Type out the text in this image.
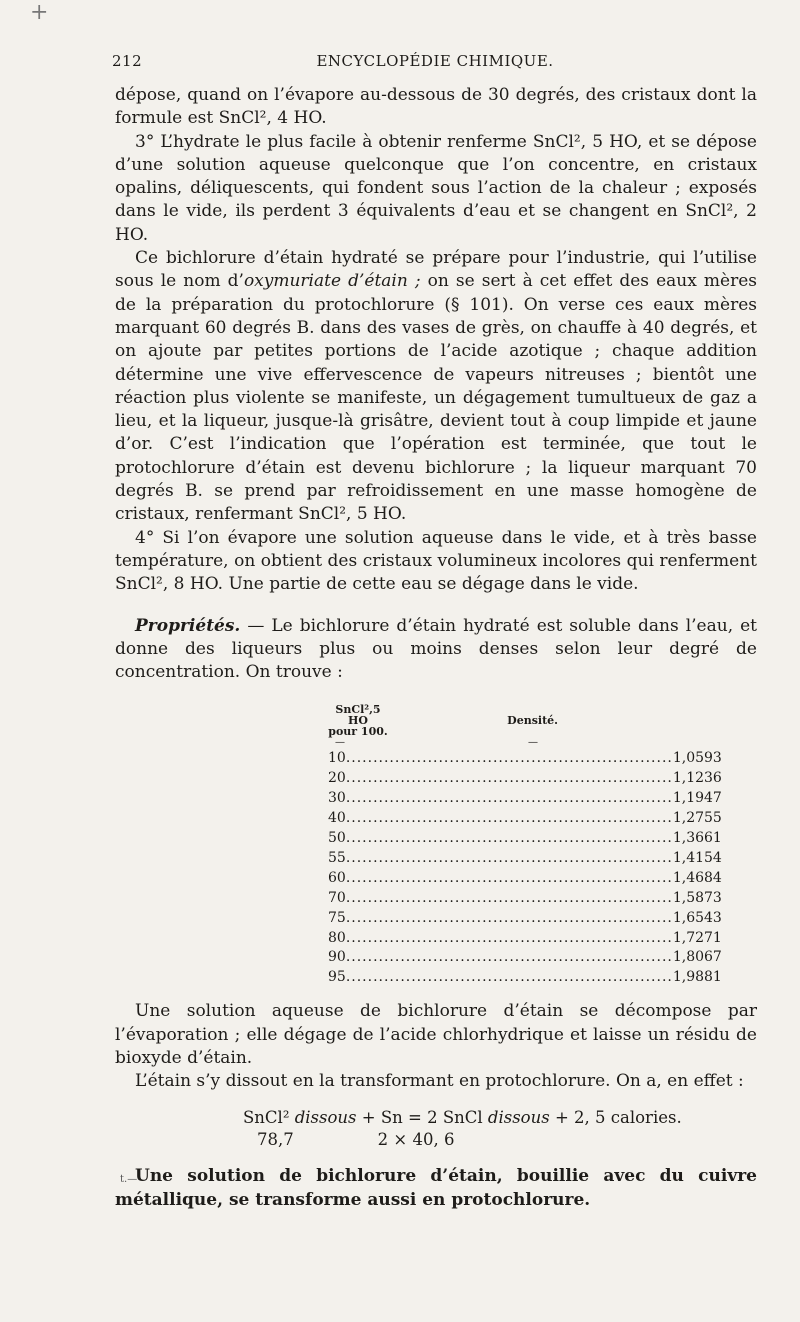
+
212	ENCYCLOPÉDIE CHIMIQUE.

dépose, quand on l’évapore au-dessous de 30 degrés, des cristaux dont la formule est SnCl², 4 HO.

3° L’hydrate le plus facile à obtenir renferme SnCl², 5 HO, et se dépose d’une solution aqueuse quelconque que l’on concentre, en cristaux opalins, déliquescents, qui fondent sous l’action de la chaleur ; exposés dans le vide, ils perdent 3 équivalents d’eau et se changent en SnCl², 2 HO.

Ce bichlorure d’étain hydraté se prépare pour l’industrie, qui l’utilise sous le nom d’oxymuriate d’étain ; on se sert à cet effet des eaux mères de la préparation du protochlorure (§ 101). On verse ces eaux mères marquant 60 degrés B. dans des vases de grès, on chauffe à 40 degrés, et on ajoute par petites portions de l’acide azotique ; chaque addition détermine une vive effervescence de vapeurs nitreuses ; bientôt une réaction plus violente se manifeste, un dégagement tumultueux de gaz a lieu, et la liqueur, jusque-là grisâtre, devient tout à coup limpide et jaune d’or. C’est l’indication que l’opération est terminée, que tout le protochlorure d’étain est devenu bichlorure ; la liqueur marquant 70 degrés B. se prend par refroidissement en une masse homogène de cristaux, renfermant SnCl², 5 HO.

4° Si l’on évapore une solution aqueuse dans le vide, et à très basse température, on obtient des cristaux volumineux incolores qui renferment SnCl², 8 HO. Une partie de cette eau se dégage dans le vide.

Propriétés. — Le bichlorure d’étain hydraté est soluble dans l’eau, et donne des liqueurs plus ou moins denses selon leur degré de concentration. On trouve :

SnCl²,5 HO
pour 100.
Densité.
—	—
10 ............................................................ 1,0593
20 ............................................................ 1,1236
30 ............................................................ 1,1947
40 ............................................................ 1,2755
50 ............................................................ 1,3661
55 ............................................................ 1,4154
60 ............................................................ 1,4684
70 ............................................................ 1,5873
75 ............................................................ 1,6543
80 ............................................................ 1,7271
90 ............................................................ 1,8067
95 ............................................................ 1,9881

Une solution aqueuse de bichlorure d’étain se décompose par l’évaporation ; elle dégage de l’acide chlorhydrique et laisse un résidu de bioxyde d’étain.

L’étain s’y dissout en la transformant en protochlorure. On a, en effet :

SnCl² dissous + Sn = 2 SnCl dissous + 2, 5 calories.
78,7                2 × 40, 6

Une solution de bichlorure d’étain, bouillie avec du cuivre métallique, se transforme aussi en protochlorure.

t.—
